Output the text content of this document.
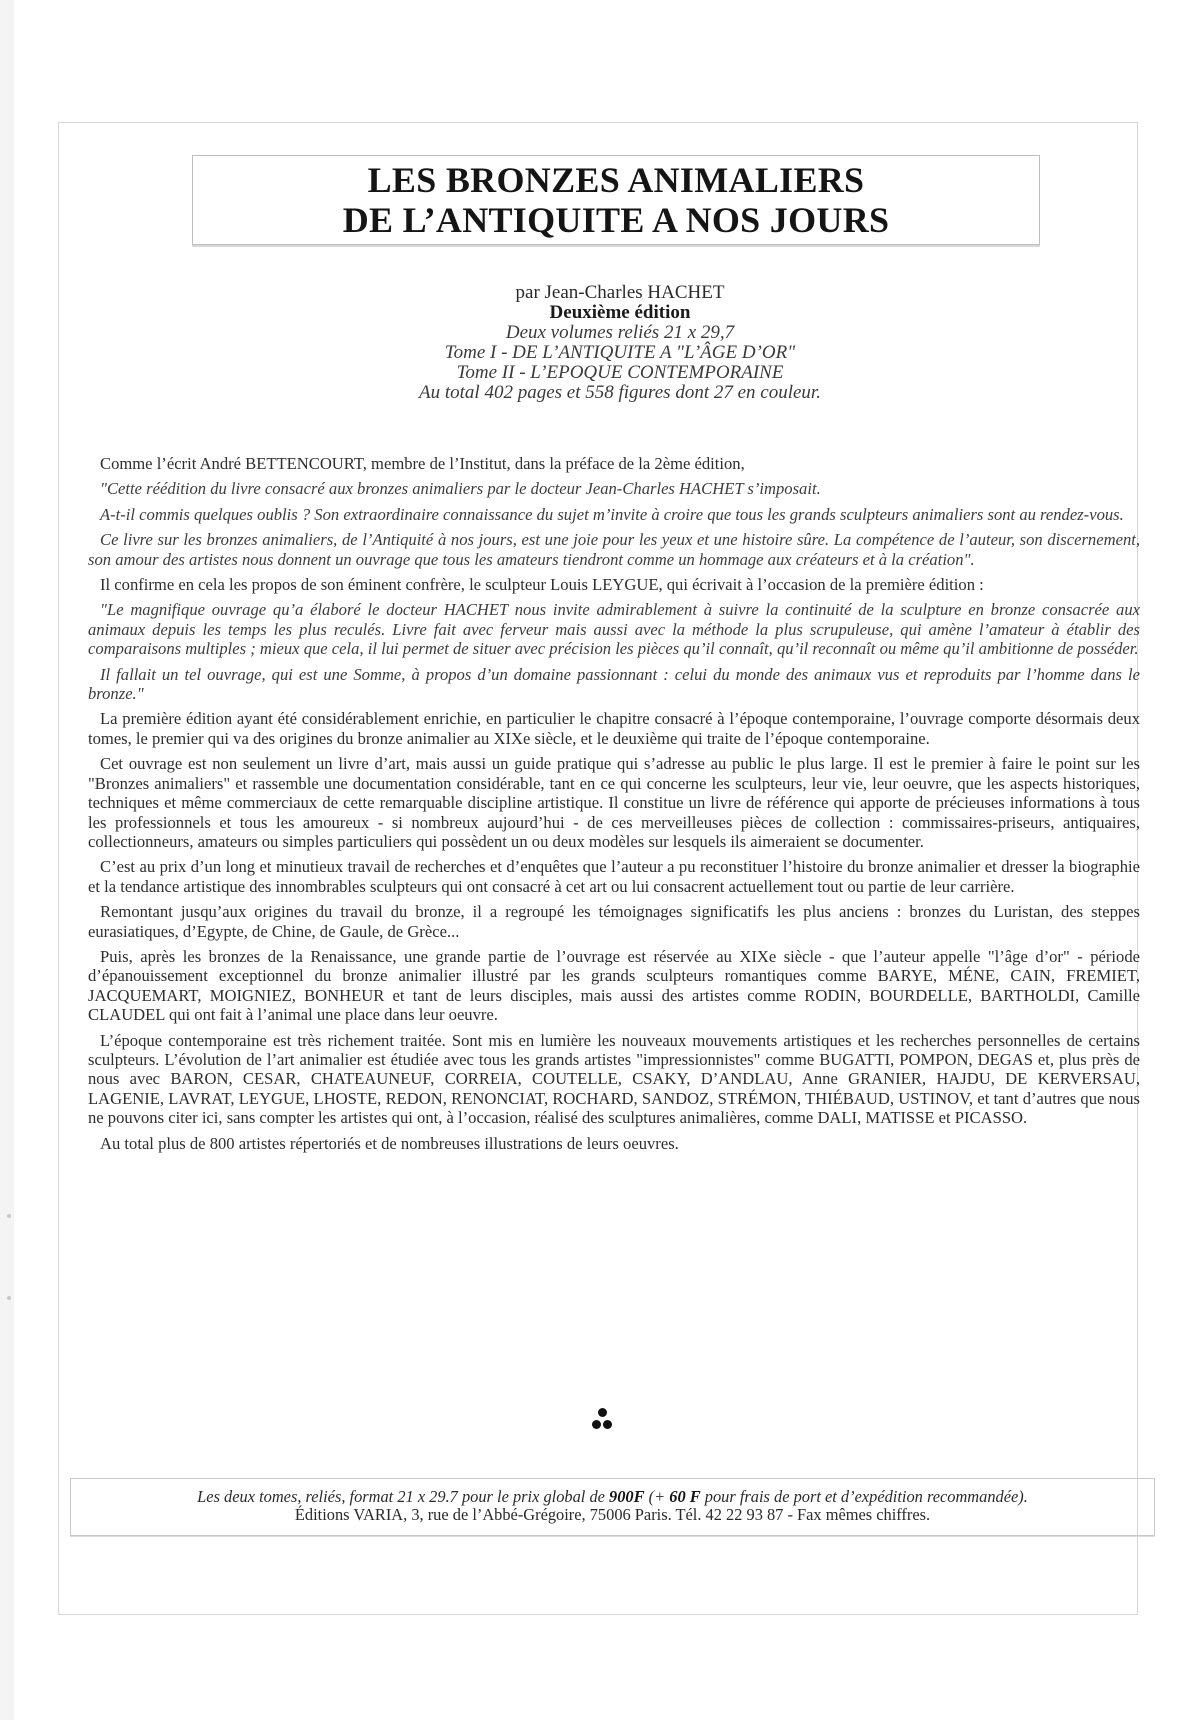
LES BRONZES ANIMALIERS
DE L’ANTIQUITE A NOS JOURS
par Jean-Charles HACHET
Deuxième édition
Deux volumes reliés 21 x 29,7
Tome I - DE L’ANTIQUITE A "L’ÂGE D’OR"
Tome II - L’EPOQUE CONTEMPORAINE
Au total 402 pages et 558 figures dont 27 en couleur.

Comme l’écrit André BETTENCOURT, membre de l’Institut, dans la préface de la 2ème édition,

"Cette réédition du livre consacré aux bronzes animaliers par le docteur Jean-Charles HACHET s’imposait.

A-t-il commis quelques oublis ? Son extraordinaire connaissance du sujet m’invite à croire que tous les grands sculpteurs animaliers sont au rendez-vous.

Ce livre sur les bronzes animaliers, de l’Antiquité à nos jours, est une joie pour les yeux et une histoire sûre. La compétence de l’auteur, son discernement, son amour des artistes nous donnent un ouvrage que tous les amateurs tiendront comme un hommage aux créateurs et à la création".

Il confirme en cela les propos de son éminent confrère, le sculpteur Louis LEYGUE, qui écrivait à l’occasion de la première édition :

"Le magnifique ouvrage qu’a élaboré le docteur HACHET nous invite admirablement à suivre la continuité de la sculpture en bronze consacrée aux animaux depuis les temps les plus reculés. Livre fait avec ferveur mais aussi avec la méthode la plus scrupuleuse, qui amène l’amateur à établir des comparaisons multiples ; mieux que cela, il lui permet de situer avec précision les pièces qu’il connaît, qu’il reconnaît ou même qu’il ambitionne de posséder.

Il fallait un tel ouvrage, qui est une Somme, à propos d’un domaine passionnant : celui du monde des animaux vus et reproduits par l’homme dans le bronze."

La première édition ayant été considérablement enrichie, en particulier le chapitre consacré à l’époque contemporaine, l’ouvrage comporte désormais deux tomes, le premier qui va des origines du bronze animalier au XIXe siècle, et le deuxième qui traite de l’époque contemporaine.

Cet ouvrage est non seulement un livre d’art, mais aussi un guide pratique qui s’adresse au public le plus large. Il est le premier à faire le point sur les "Bronzes animaliers" et rassemble une documentation considérable, tant en ce qui concerne les sculpteurs, leur vie, leur oeuvre, que les aspects historiques, techniques et même commerciaux de cette remarquable discipline artistique. Il constitue un livre de référence qui apporte de précieuses informations à tous les professionnels et tous les amoureux - si nombreux aujourd’hui - de ces merveilleuses pièces de collection : commissaires-priseurs, antiquaires, collectionneurs, amateurs ou simples particuliers qui possèdent un ou deux modèles sur lesquels ils aimeraient se documenter.

C’est au prix d’un long et minutieux travail de recherches et d’enquêtes que l’auteur a pu reconstituer l’histoire du bronze animalier et dresser la biographie et la tendance artistique des innombrables sculpteurs qui ont consacré à cet art ou lui consacrent actuellement tout ou partie de leur carrière.

Remontant jusqu’aux origines du travail du bronze, il a regroupé les témoignages significatifs les plus anciens : bronzes du Luristan, des steppes eurasiatiques, d’Egypte, de Chine, de Gaule, de Grèce...

Puis, après les bronzes de la Renaissance, une grande partie de l’ouvrage est réservée au XIXe siècle - que l’auteur appelle "l’âge d’or" - période d’épanouissement exceptionnel du bronze animalier illustré par les grands sculpteurs romantiques comme BARYE, MÉNE, CAIN, FREMIET, JACQUEMART, MOIGNIEZ, BONHEUR et tant de leurs disciples, mais aussi des artistes comme RODIN, BOURDELLE, BARTHOLDI, Camille CLAUDEL qui ont fait à l’animal une place dans leur oeuvre.

L’époque contemporaine est très richement traitée. Sont mis en lumière les nouveaux mouvements artistiques et les recherches personnelles de certains sculpteurs. L’évolution de l’art animalier est étudiée avec tous les grands artistes "impressionnistes" comme BUGATTI, POMPON, DEGAS et, plus près de nous avec BARON, CESAR, CHATEAUNEUF, CORREIA, COUTELLE, CSAKY, D’ANDLAU, Anne GRANIER, HAJDU, DE KERVERSAU, LAGENIE, LAVRAT, LEYGUE, LHOSTE, REDON, RENONCIAT, ROCHARD, SANDOZ, STRÉMON, THIÉBAUD, USTINOV, et tant d’autres que nous ne pouvons citer ici, sans compter les artistes qui ont, à l’occasion, réalisé des sculptures animalières, comme DALI, MATISSE et PICASSO.

Au total plus de 800 artistes répertoriés et de nombreuses illustrations de leurs oeuvres.

Les deux tomes, reliés, format 21 x 29.7 pour le prix global de 900F (+ 60 F pour frais de port et d’expédition recommandée).
Éditions VARIA, 3, rue de l’Abbé-Grégoire, 75006 Paris. Tél. 42 22 93 87 - Fax mêmes chiffres.
